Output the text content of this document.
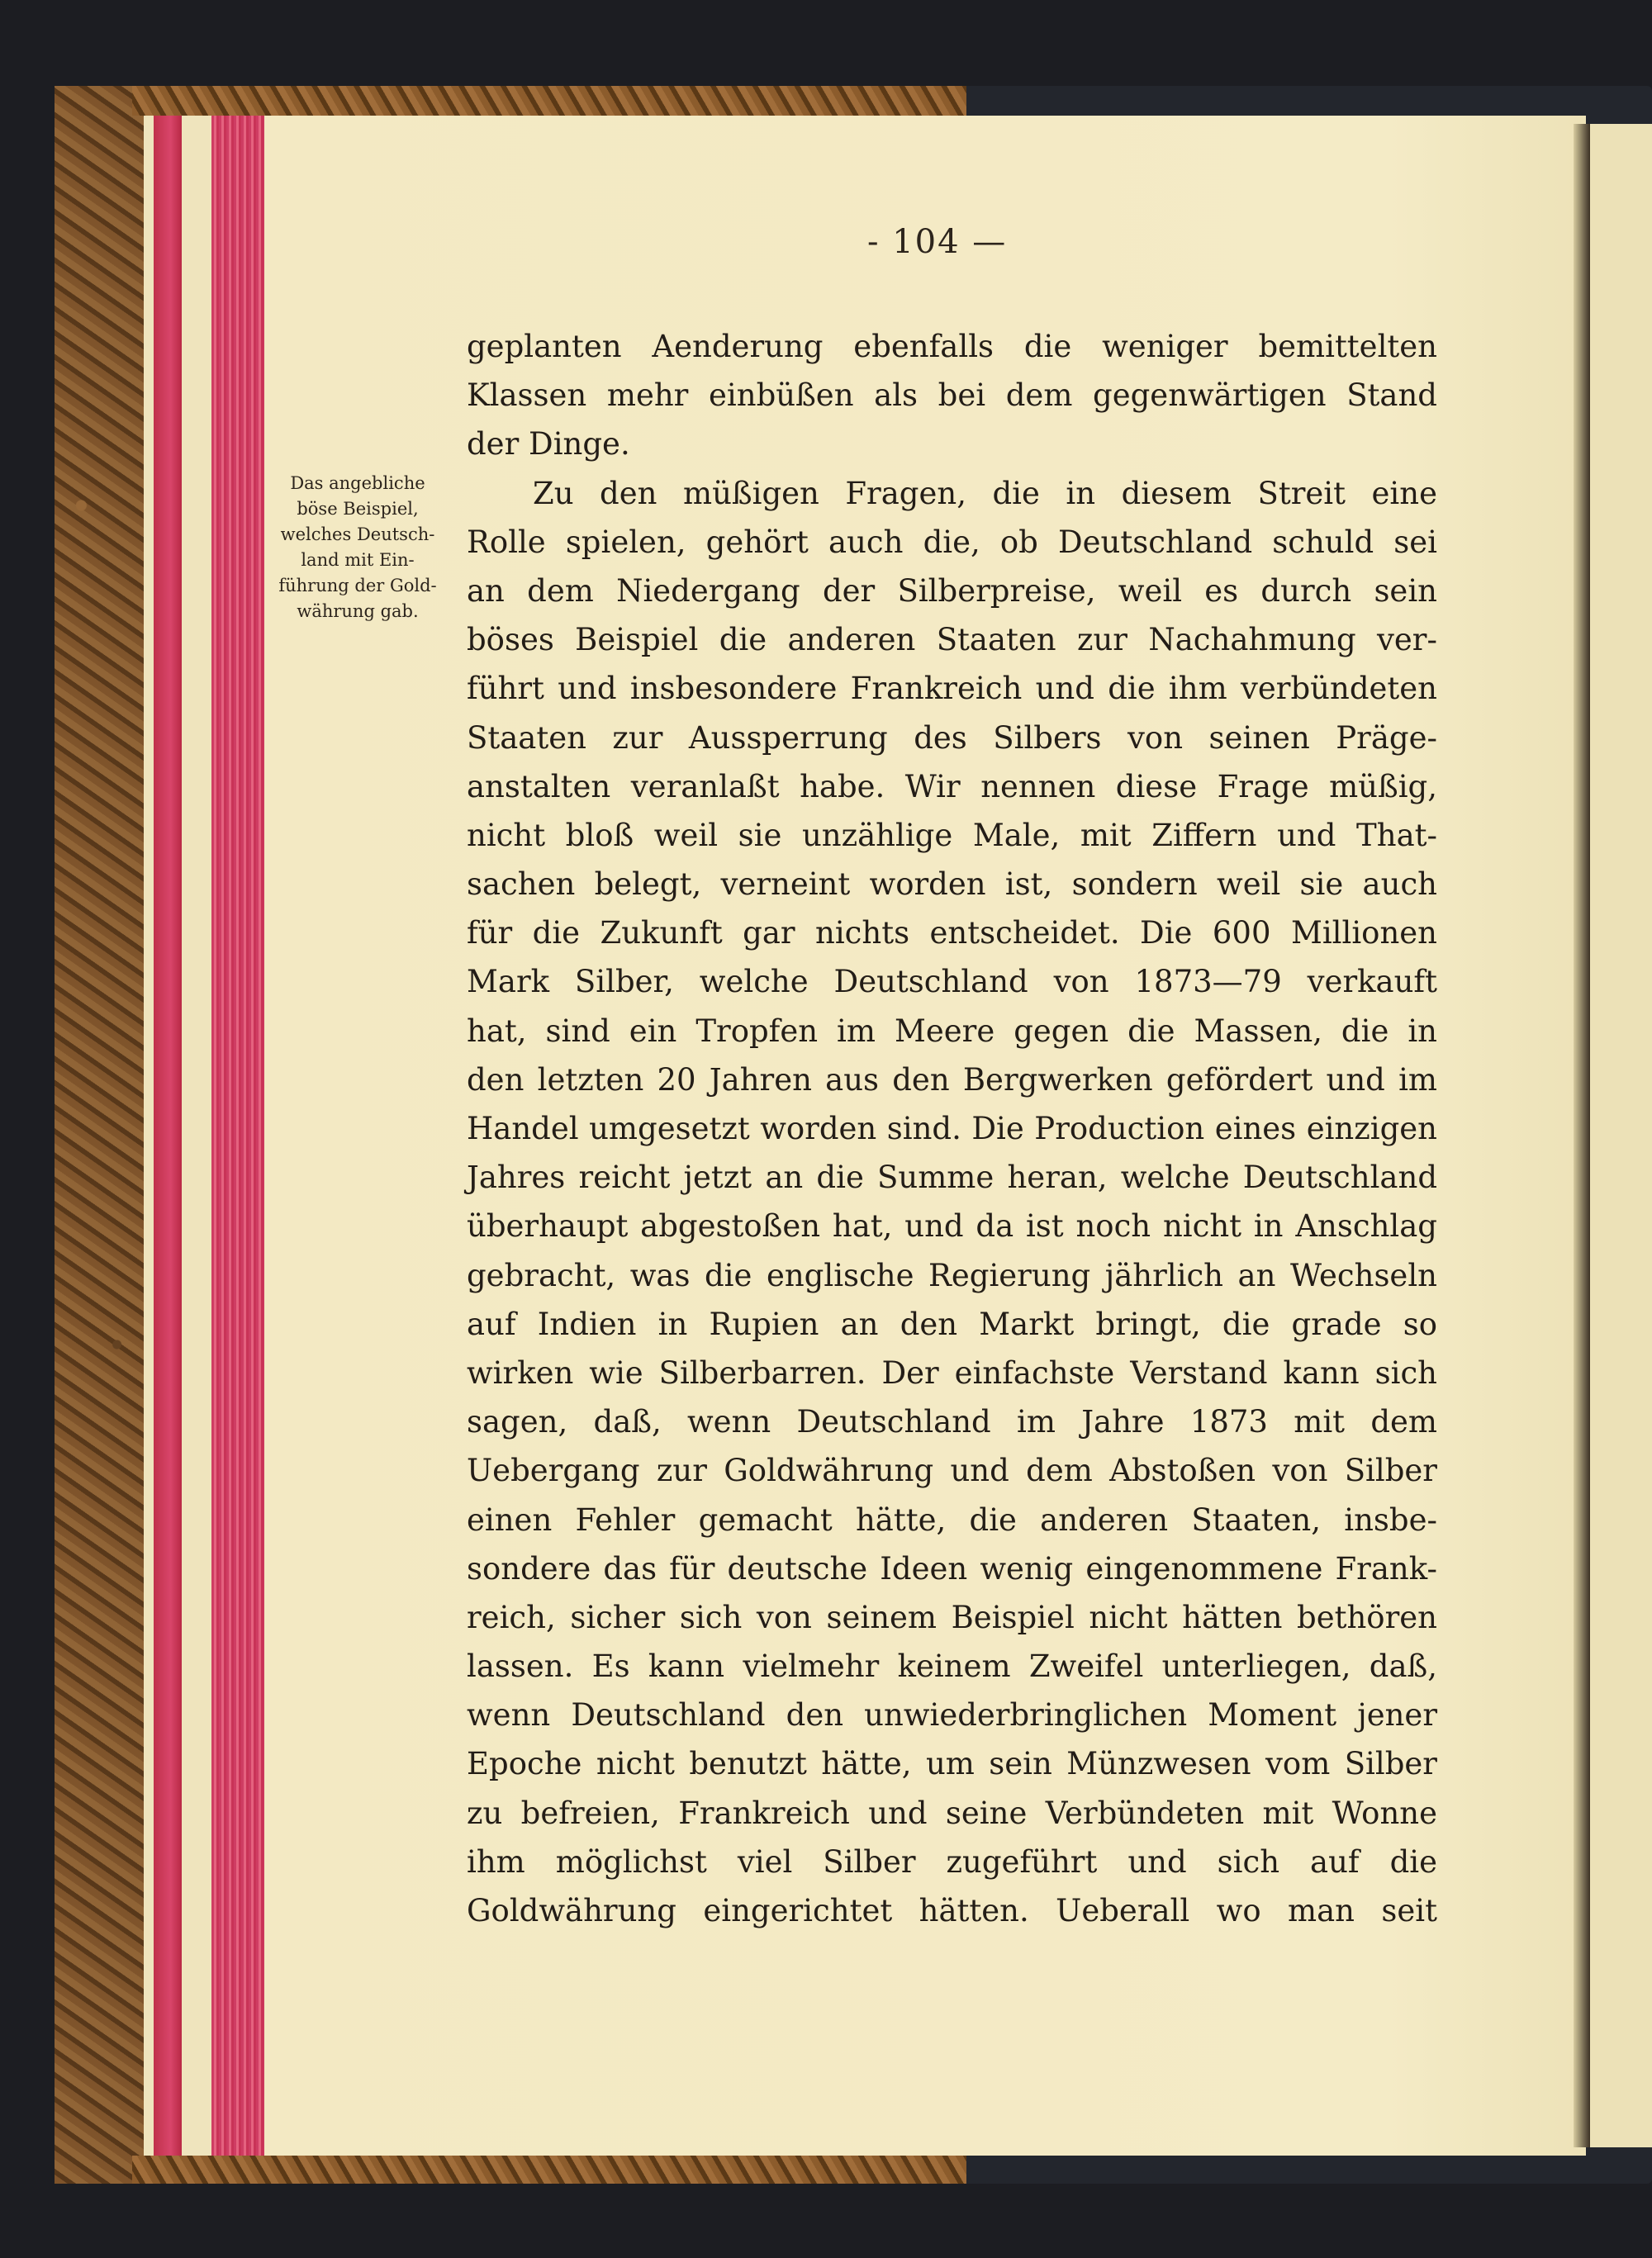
- 104 —
Das angebliche
böse Beispiel,
welches Deutsch-
land mit Ein-
führung der Gold-
währung gab.
geplanten Aenderung ebenfalls die weniger bemittelten
Klassen mehr einbüßen als bei dem gegenwärtigen Stand
der Dinge.
Zu den müßigen Fragen, die in diesem Streit eine
Rolle spielen, gehört auch die, ob Deutschland schuld sei
an dem Niedergang der Silberpreise, weil es durch sein
böses Beispiel die anderen Staaten zur Nachahmung ver-
führt und insbesondere Frankreich und die ihm verbündeten
Staaten zur Aussperrung des Silbers von seinen Präge-
anstalten veranlaßt habe. Wir nennen diese Frage müßig,
nicht bloß weil sie unzählige Male, mit Ziffern und That-
sachen belegt, verneint worden ist, sondern weil sie auch
für die Zukunft gar nichts entscheidet. Die 600 Millionen
Mark Silber, welche Deutschland von 1873—79 verkauft
hat, sind ein Tropfen im Meere gegen die Massen, die in
den letzten 20 Jahren aus den Bergwerken gefördert und im
Handel umgesetzt worden sind. Die Production eines einzigen
Jahres reicht jetzt an die Summe heran, welche Deutschland
überhaupt abgestoßen hat, und da ist noch nicht in Anschlag
gebracht, was die englische Regierung jährlich an Wechseln
auf Indien in Rupien an den Markt bringt, die grade so
wirken wie Silberbarren. Der einfachste Verstand kann sich
sagen, daß, wenn Deutschland im Jahre 1873 mit dem
Uebergang zur Goldwährung und dem Abstoßen von Silber
einen Fehler gemacht hätte, die anderen Staaten, insbe-
sondere das für deutsche Ideen wenig eingenommene Frank-
reich, sicher sich von seinem Beispiel nicht hätten bethören
lassen. Es kann vielmehr keinem Zweifel unterliegen, daß,
wenn Deutschland den unwiederbringlichen Moment jener
Epoche nicht benutzt hätte, um sein Münzwesen vom Silber
zu befreien, Frankreich und seine Verbündeten mit Wonne
ihm möglichst viel Silber zugeführt und sich auf die
Goldwährung eingerichtet hätten. Ueberall wo man seit
